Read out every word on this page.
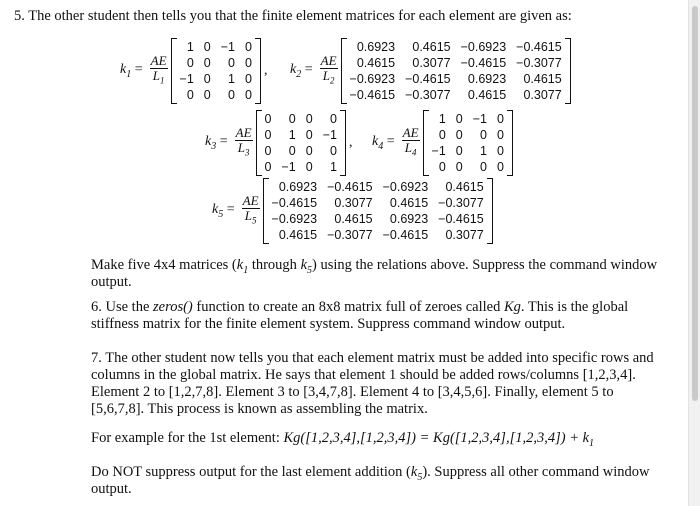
5. The other student then tells you that the finite element matrices for each element are given as:
$k_1 = \frac{AE}{L_1}$
1 0 −1 0
0 0	0 0
−1 0	1 0
0 0	0 0
, $k_2 = \frac{AE}{L_2}$
0.6923	0.4615 −0.6923 −0.4615
0.4615	0.3077 −0.4615 −0.3077
−0.6923 −0.4615	0.6923	0.4615
−0.4615 −0.3077	0.4615	0.3077
$k_3 = \frac{AE}{L_3}$
0	0 0	0
0	1 0 −1
0	0 0	0
0 −1 0	1
, $k_4 = \frac{AE}{L_4}$
1 0 −1 0
0 0	0 0
−1 0	1 0
0 0	0 0
$k_5 = \frac{AE}{L_5}$
0.6923 −0.4615 −0.6923	0.4615
−0.4615	0.3077	0.4615 −0.3077
−0.6923	0.4615	0.6923 −0.4615
0.4615 −0.3077 −0.4615	0.3077
Make five 4x4 matrices ($k_1$ through $k_5$) using the relations above. Suppress the command window
output.
6. Use the zeros() function to create an 8x8 matrix full of zeroes called Kg. This is the global
stiffness matrix for the finite element system. Suppress command window output.
7. The other student now tells you that each element matrix must be added into specific rows and
columns in the global matrix. He says that element 1 should be added rows/columns [1,2,3,4].
Element 2 to [1,2,7,8]. Element 3 to [3,4,7,8]. Element 4 to [3,4,5,6]. Finally, element 5 to
[5,6,7,8]. This process is known as assembling the matrix.
For example for the 1st element: $Kg([1,2,3,4],[1,2,3,4]) = Kg([1,2,3,4],[1,2,3,4]) + k_1$
Do NOT suppress output for the last element addition $(k_5)$. Suppress all other command window
output.
